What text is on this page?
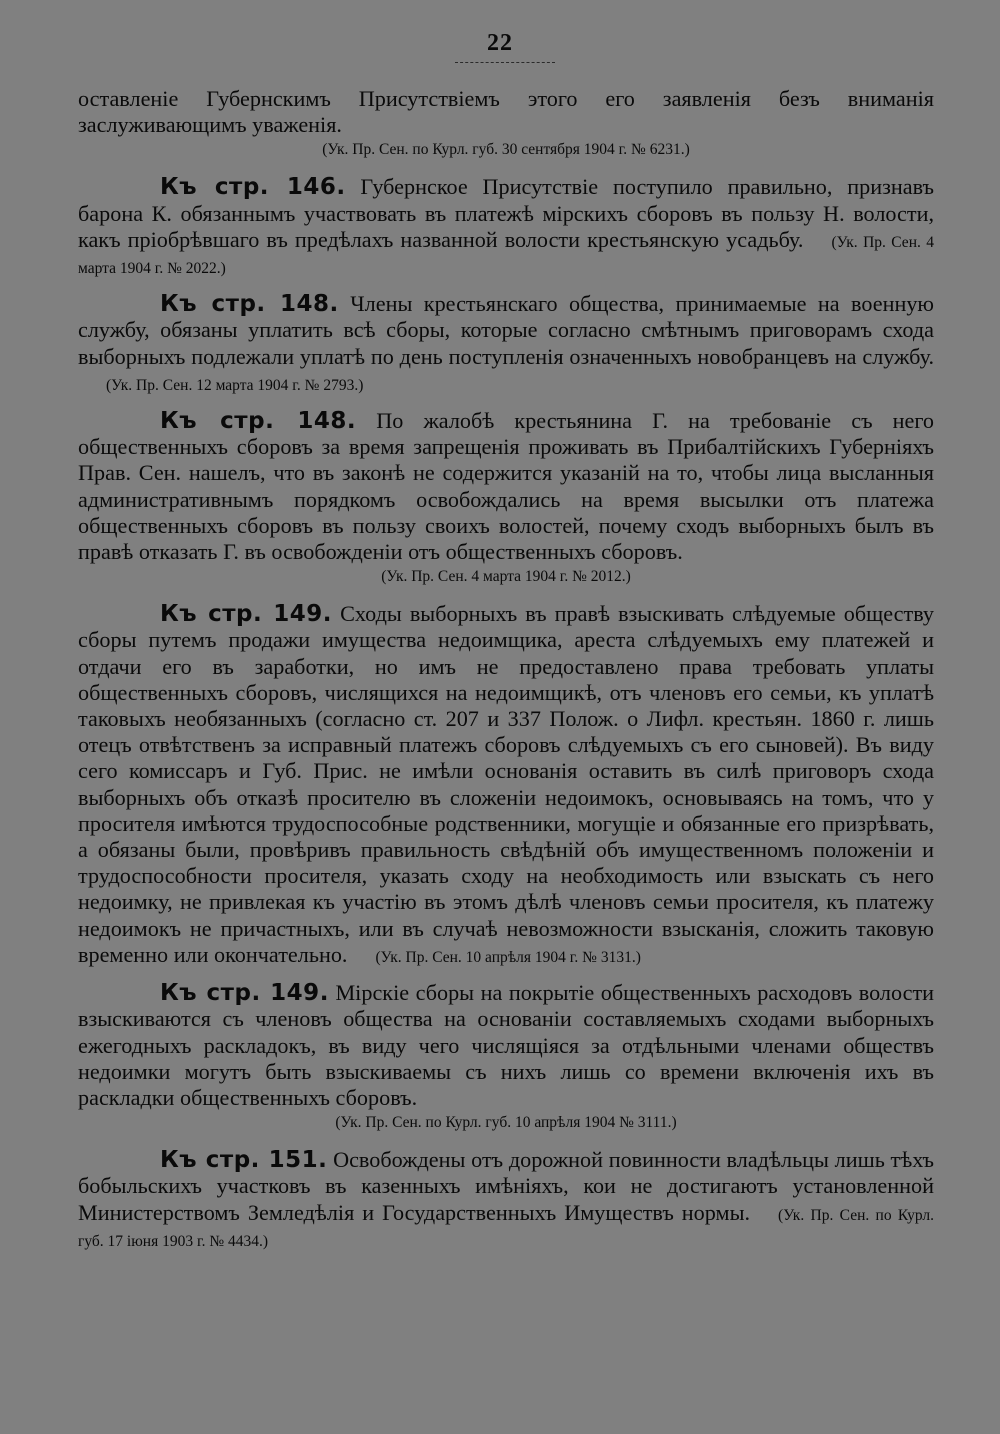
22

оставленіе Губернскимъ Присутствіемъ этого его заявленія безъ вниманія заслуживающимъ уваженія.

(Ук. Пр. Сен. по Курл. губ. 30 сентября 1904 г. № 6231.)

Къ стр. 146. Губернское Присутствіе поступило правильно, признавъ барона К. обязаннымъ участвовать въ платежѣ мірскихъ сборовъ въ пользу Н. волости, какъ пріобрѣвшаго въ предѣлахъ названной волости крестьянскую усадьбу. (Ук. Пр. Сен. 4 марта 1904 г. № 2022.)

Къ стр. 148. Члены крестьянскаго общества, принимаемые на военную службу, обязаны уплатить всѣ сборы, которые согласно смѣтнымъ приговорамъ схода выборныхъ подлежали уплатѣ по день поступленія означенныхъ новобранцевъ на службу.(Ук. Пр. Сен. 12 марта 1904 г. № 2793.)

Къ стр. 148. По жалобѣ крестьянина Г. на требованіе съ него общественныхъ сборовъ за время запрещенія проживать въ Прибалтійскихъ Губерніяхъ Прав. Сен. нашелъ, что въ законѣ не содержится указаній на то, чтобы лица высланныя административнымъ порядкомъ освобождались на время высылки отъ платежа общественныхъ сборовъ въ пользу своихъ волостей, почему сходъ выборныхъ былъ въ правѣ отказать Г. въ освобожденіи отъ общественныхъ сборовъ.

(Ук. Пр. Сен. 4 марта 1904 г. № 2012.)

Къ стр. 149. Сходы выборныхъ въ правѣ взыскивать слѣдуемые обществу сборы путемъ продажи имущества недоимщика, ареста слѣдуемыхъ ему платежей и отдачи его въ заработки, но имъ не предоставлено права требовать уплаты общественныхъ сборовъ, числящихся на недоимщикѣ, отъ членовъ его семьи, къ уплатѣ таковыхъ необязанныхъ (согласно ст. 207 и 337 Полож. о Лифл. крестьян. 1860 г. лишь отецъ отвѣтственъ за исправный платежъ сборовъ слѣдуемыхъ съ его сыновей). Въ виду сего комиссаръ и Губ. Прис. не имѣли основанія оставить въ силѣ приговоръ схода выборныхъ объ отказѣ просителю въ сложеніи недоимокъ, основываясь на томъ, что у просителя имѣются трудоспособные родственники, могущіе и обязанные его призрѣвать, а обязаны были, провѣривъ правильность свѣдѣній объ имущественномъ положеніи и трудоспособности просителя, указать сходу на необходимость или взыскать съ него недоимку, не привлекая къ участію въ этомъ дѣлѣ членовъ семьи просителя, къ платежу недоимокъ не причастныхъ, или въ случаѣ невозможности взысканія, сложить таковую временно или окончательно. (Ук. Пр. Сен. 10 апрѣля 1904 г. № 3131.)

Къ стр. 149. Мірскіе сборы на покрытіе общественныхъ расходовъ волости взыскиваются съ членовъ общества на основаніи составляемыхъ сходами выборныхъ ежегодныхъ раскладокъ, въ виду чего числящіяся за отдѣльными членами обществъ недоимки могутъ быть взыскиваемы съ нихъ лишь со времени включенія ихъ въ раскладки общественныхъ сборовъ.

(Ук. Пр. Сен. по Курл. губ. 10 апрѣля 1904 № 3111.)

Къ стр. 151. Освобождены отъ дорожной повинности владѣльцы лишь тѣхъ бобыльскихъ участковъ въ казенныхъ имѣніяхъ, кои не достигаютъ установленной Министерствомъ Земледѣлія и Государственныхъ Имуществъ нормы. (Ук. Пр. Сен. по Курл. губ. 17 іюня 1903 г. № 4434.)
